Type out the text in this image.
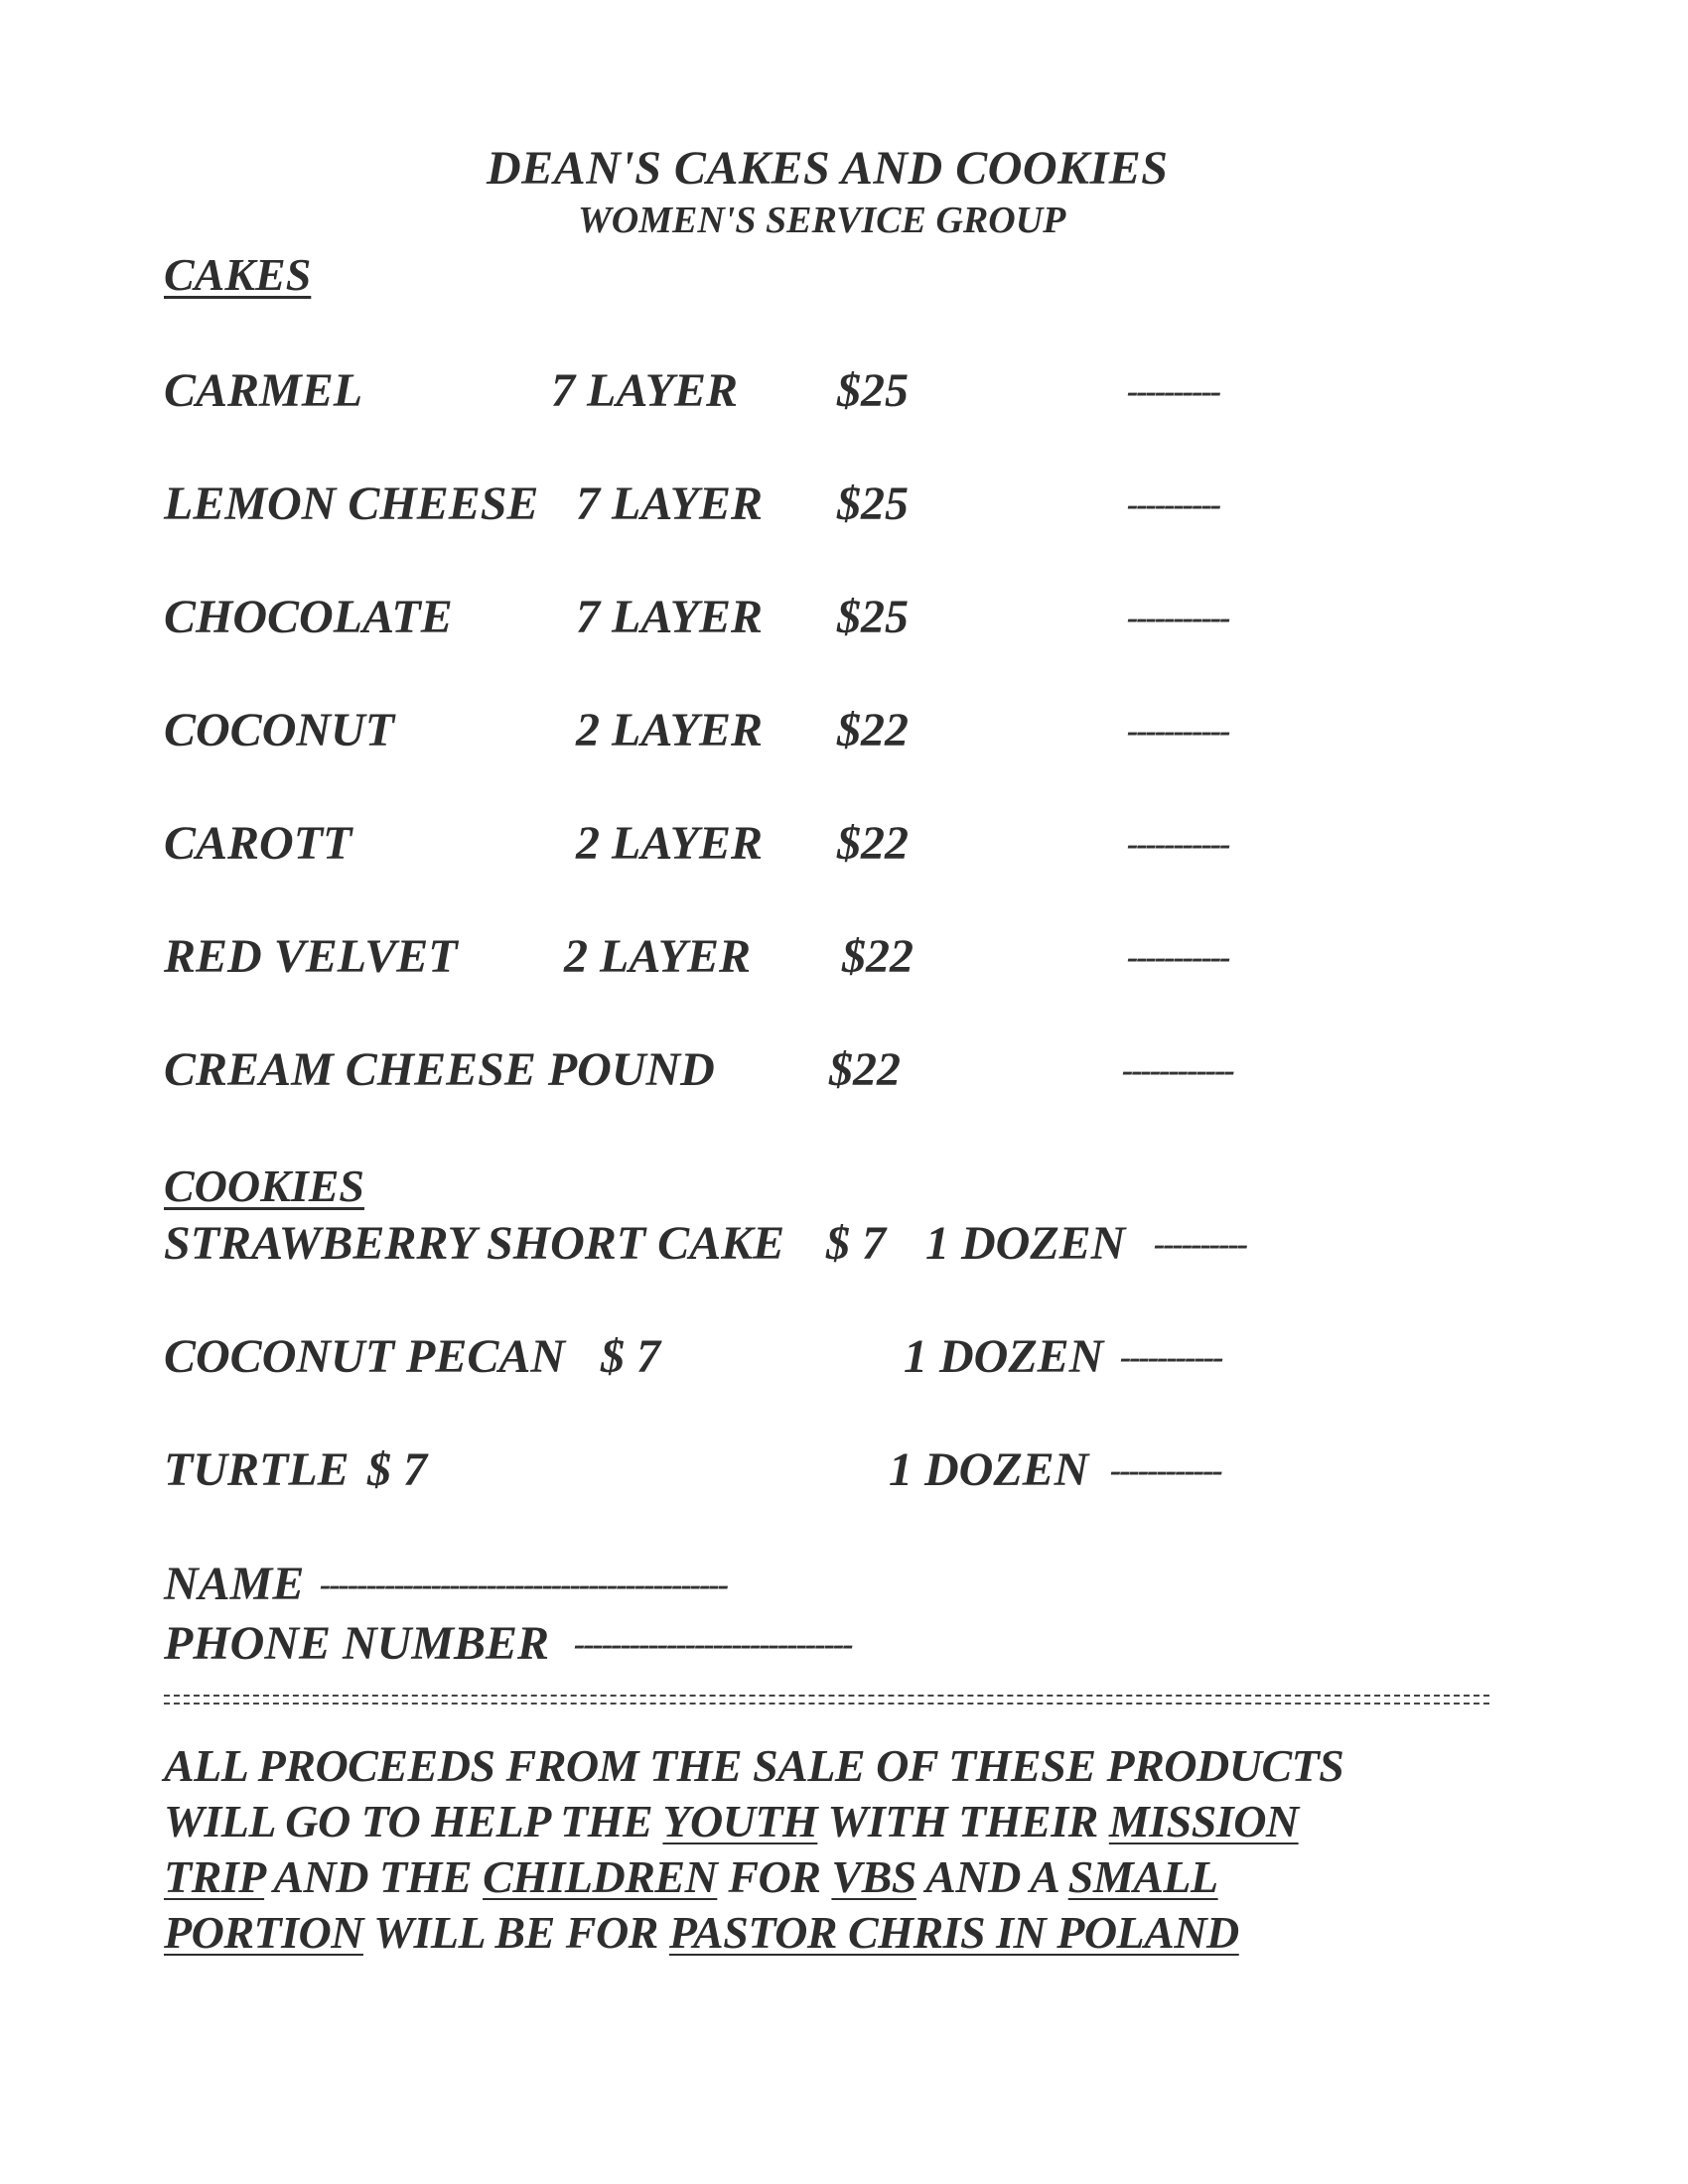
DEAN'S CAKES AND COOKIES
WOMEN'S SERVICE GROUP
CAKES
CARMEL	7 LAYER $25	----------
LEMON CHEESE 7 LAYER $25	----------
CHOCOLATE	7 LAYER $25	-----------
COCONUT	2 LAYER $22	-----------
CAROTT	2 LAYER $22	-----------
RED VELVET 2 LAYER $22	-----------
CREAM CHEESE POUND $22	------------
COOKIES
STRAWBERRY SHORT CAKE $ 7 1 DOZEN ----------
COCONUT PECAN $ 7	1 DOZEN -----------
TURTLE $ 7	1 DOZEN ------------
NAME --------------------------------------------
PHONE NUMBER ------------------------------
ALL PROCEEDS FROM THE SALE OF THESE PRODUCTS
WILL GO TO HELP THE YOUTH WITH THEIR MISSION
TRIP AND THE CHILDREN FOR VBS AND A SMALL
PORTION WILL BE FOR PASTOR CHRIS IN POLAND
